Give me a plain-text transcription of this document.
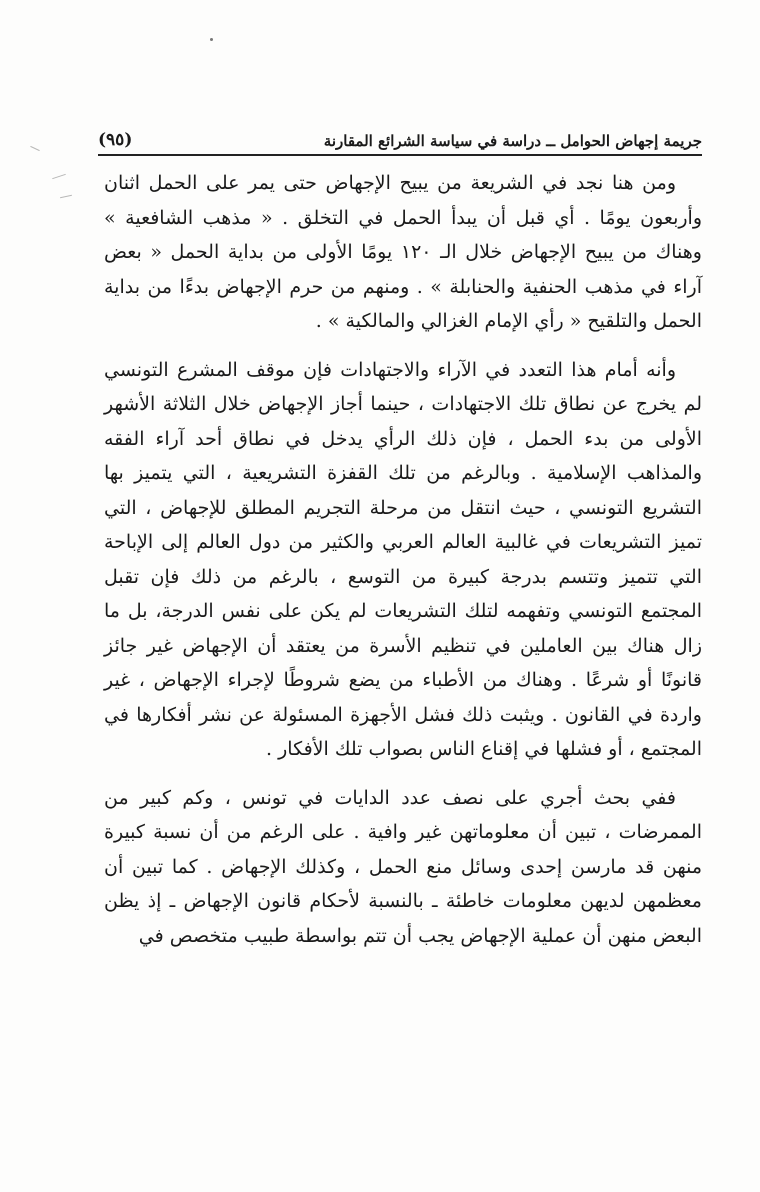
جريمة إجهاض الحوامل ــ دراسة في سياسة الشرائع المقارنة
(٩٥)

ومن هنا نجد في الشريعة من يبيح الإجهاض حتى يمر على الحمل اثنان وأربعون يومًا . أي قبل أن يبدأ الحمل في التخلق . « مذهب الشافعية » وهناك من يبيح الإجهاض خلال الـ ١٢٠ يومًا الأولى من بداية الحمل « بعض آراء في مذهب الحنفية والحنابلة » . ومنهم من حرم الإجهاض بدءًا من بداية الحمل والتلقيح « رأي الإمام الغزالي والمالكية » .

وأنه أمام هذا التعدد في الآراء والاجتهادات فإن موقف المشرع التونسي لم يخرج عن نطاق تلك الاجتهادات ، حينما أجاز الإجهاض خلال الثلاثة الأشهر الأولى من بدء الحمل ، فإن ذلك الرأي يدخل في نطاق أحد آراء الفقه والمذاهب الإسلامية . وبالرغم من تلك القفزة التشريعية ، التي يتميز بها التشريع التونسي ، حيث انتقل من مرحلة التجريم المطلق للإجهاض ، التي تميز التشريعات في غالبية العالم العربي والكثير من دول العالم إلى الإباحة التي تتميز وتتسم بدرجة كبيرة من التوسع ، بالرغم من ذلك فإن تقبل المجتمع التونسي وتفهمه لتلك التشريعات لم يكن على نفس الدرجة، بل ما زال هناك بين العاملين في تنظيم الأسرة من يعتقد أن الإجهاض غير جائز قانونًا أو شرعًا . وهناك من الأطباء من يضع شروطًا لإجراء الإجهاض ، غير واردة في القانون . ويثبت ذلك فشل الأجهزة المسئولة عن نشر أفكارها في المجتمع ، أو فشلها في إقناع الناس بصواب تلك الأفكار .

ففي بحث أجري على نصف عدد الدايات في تونس ، وكم كبير من الممرضات ، تبين أن معلوماتهن غير وافية . على الرغم من أن نسبة كبيرة منهن قد مارسن إحدى وسائل منع الحمل ، وكذلك الإجهاض . كما تبين أن معظمهن لديهن معلومات خاطئة ـ بالنسبة لأحكام قانون الإجهاض ـ إذ يظن البعض منهن أن عملية الإجهاض يجب أن تتم بواسطة طبيب متخصص في
